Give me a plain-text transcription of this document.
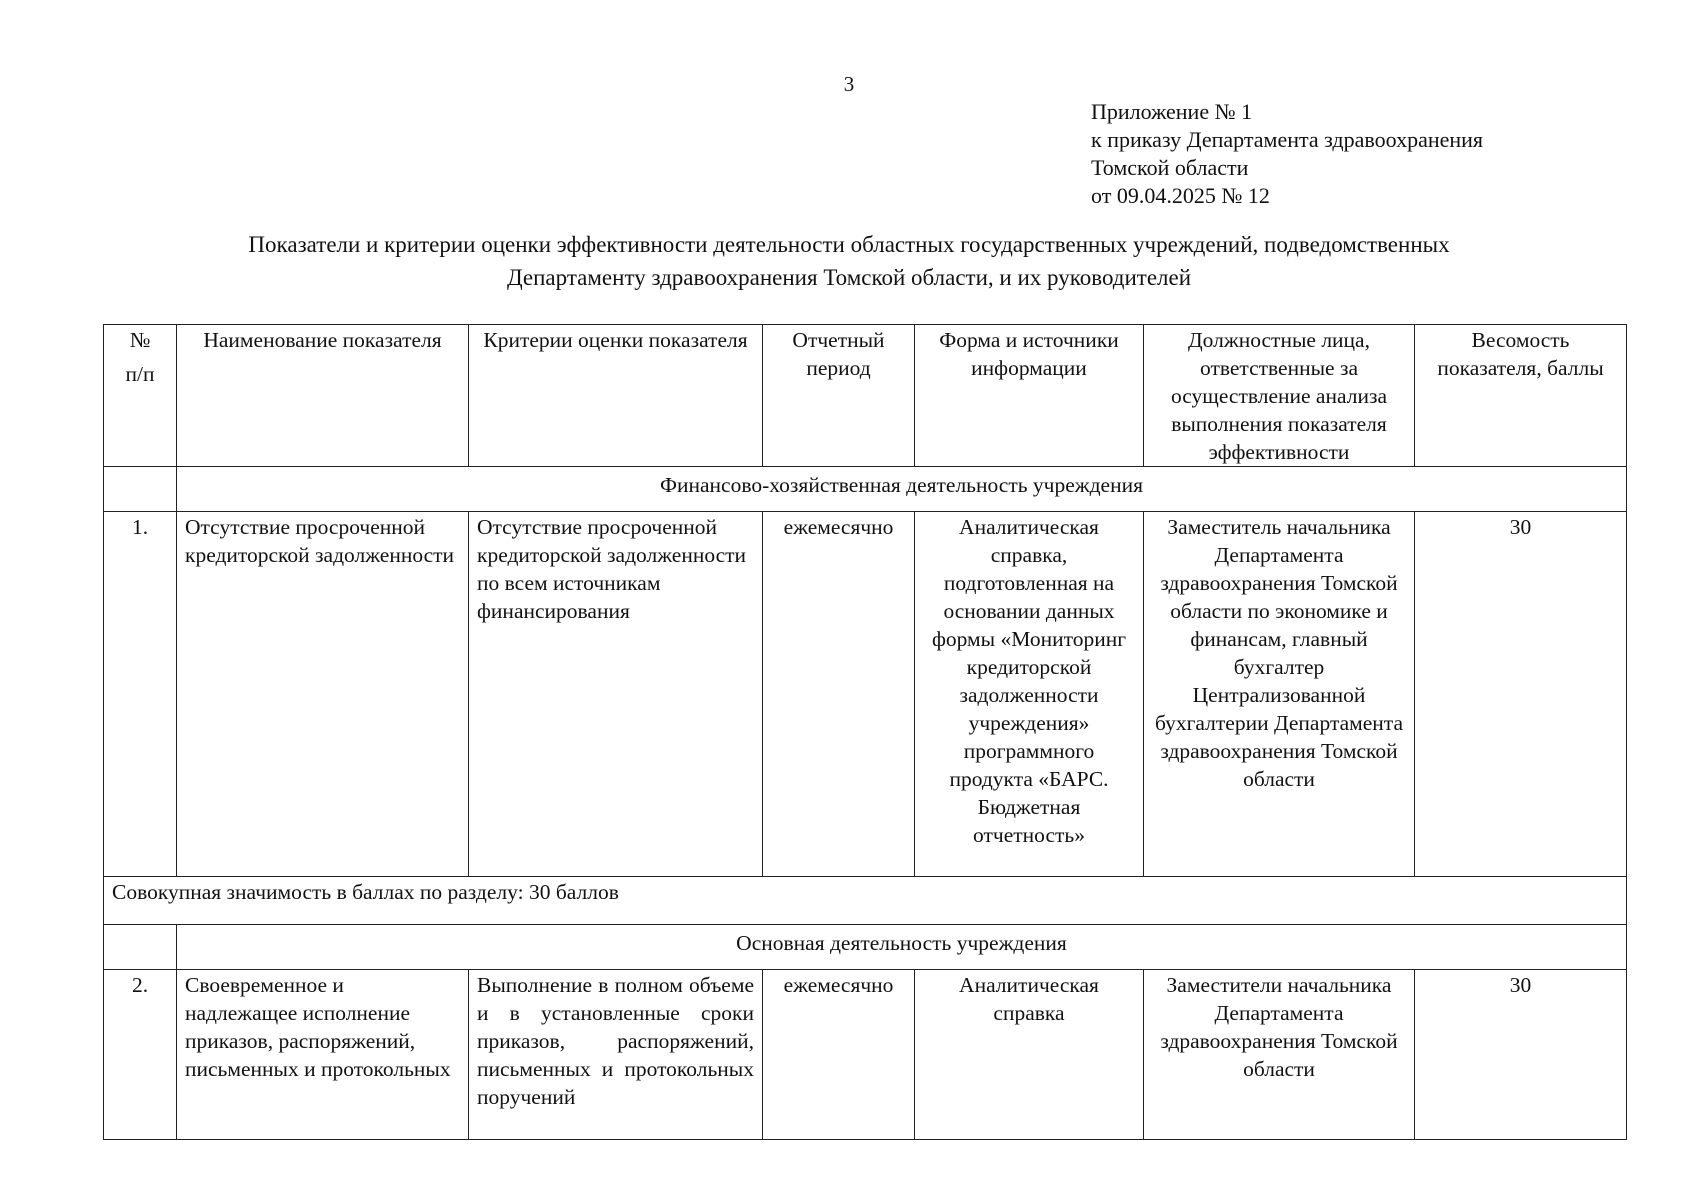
3
Приложение № 1
к приказу Департамента здравоохранения
Томской области
от 09.04.2025 № 12
Показатели и критерии оценки эффективности деятельности областных государственных учреждений, подведомственных
Департаменту здравоохранения Томской области, и их руководителей
№
п/п	Наименование показателя	Критерии оценки показателя	Отчетный период	Форма и источники информации	Должностные лица, ответственные за осуществление анализа выполнения показателя эффективности	Весомость показателя, баллы
	Финансово-хозяйственная деятельность учреждения					
1.	Отсутствие просроченной кредиторской задолженности	Отсутствие просроченной кредиторской задолженности по всем источникам финансирования	ежемесячно	Аналитическая справка, подготовленная на основании данных формы «Мониторинг кредиторской задолженности учреждения» программного продукта «БАРС. Бюджетная отчетность»	Заместитель начальника Департамента здравоохранения Томской области по экономике и финансам, главный бухгалтер Централизованной бухгалтерии Департамента здравоохранения Томской области	30
Совокупная значимость в баллах по разделу: 30 баллов						
	Основная деятельность учреждения					
2.	Своевременное и надлежащее исполнение приказов, распоряжений, письменных и протокольных	Выполнение в полном объеме и в установленные сроки приказов, распоряжений, письменных и протокольных поручений	ежемесячно	Аналитическая справка	Заместители начальника Департамента здравоохранения Томской области	30
